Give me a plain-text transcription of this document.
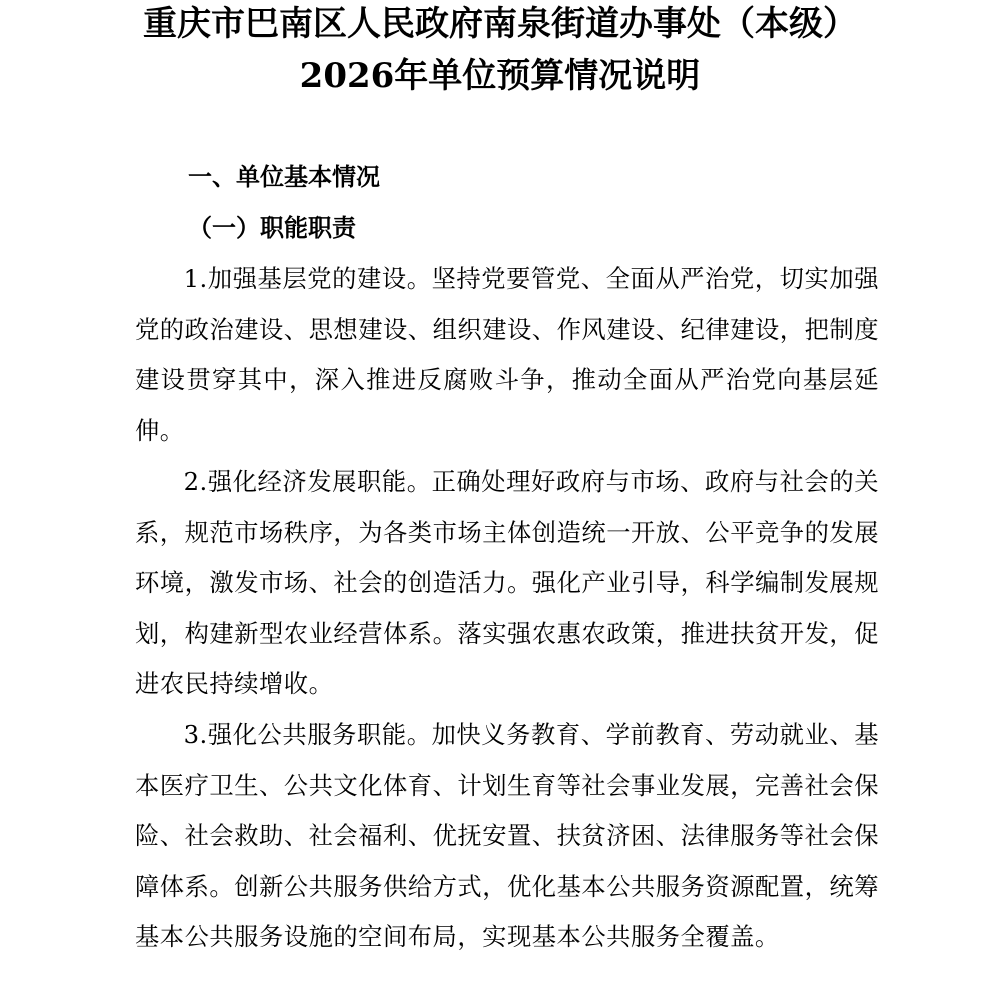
重庆市巴南区人民政府南泉街道办事处（本级）
2026年单位预算情况说明
一、单位基本情况
（一）职能职责

1.加强基层党的建设。坚持党要管党、全面从严治党，切实加强党的政治建设、思想建设、组织建设、作风建设、纪律建设，把制度建设贯穿其中，深入推进反腐败斗争，推动全面从严治党向基层延伸。

2.强化经济发展职能。正确处理好政府与市场、政府与社会的关系，规范市场秩序，为各类市场主体创造统一开放、公平竞争的发展环境，激发市场、社会的创造活力。强化产业引导，科学编制发展规划，构建新型农业经营体系。落实强农惠农政策，推进扶贫开发，促进农民持续增收。

3.强化公共服务职能。加快义务教育、学前教育、劳动就业、基本医疗卫生、公共文化体育、计划生育等社会事业发展，完善社会保险、社会救助、社会福利、优抚安置、扶贫济困、法律服务等社会保障体系。创新公共服务供给方式，优化基本公共服务资源配置，统筹基本公共服务设施的空间布局，实现基本公共服务全覆盖。
